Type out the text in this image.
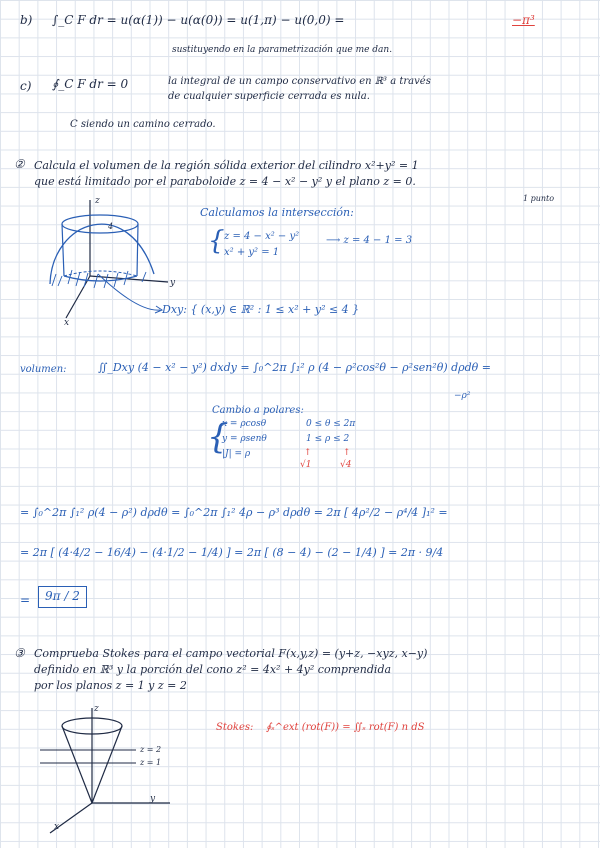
b) ∫_C F dr = u(α(1)) − u(α(0)) = u(1,π) − u(0,0) =	−π³
sustituyendo en la parametrización que me dan.
c) ∮_C F dr = 0	la integral de un campo conservativo en ℝ³ a través
de cualquier superficie cerrada es nula.
C siendo un camino cerrado.
② Calcula el volumen de la región sólida exterior del cilindro x²+y² = 1
que está limitado por el paraboloide z = 4 − x² − y² y el plano z = 0.
1 punto
z
y
x
4
Calculamos la intersección:
{ z = 4 − x² − y²
x² + y² = 1
⟶ z = 4 − 1 = 3
Dxy: { (x,y) ∈ ℝ² : 1 ≤ x² + y² ≤ 4 }
volumen:	∬_Dxy (4 − x² − y²) dxdy = ∫₀^2π ∫₁² ρ (4 − ρ²cos²θ − ρ²sen²θ) dρdθ =
−ρ²
Cambio a polares:
{
x = ρcosθ
y = ρsenθ
|J| = ρ
0 ≤ θ ≤ 2π
1 ≤ ρ ≤ 2
↑	↑
√1	√4
= ∫₀^2π ∫₁² ρ(4 − ρ²) dρdθ = ∫₀^2π ∫₁² 4ρ − ρ³ dρdθ = 2π [ 4ρ²/2 − ρ⁴/4 ]₁² =
= 2π [ (4·4/2 − 16/4) − (4·1/2 − 1/4) ] = 2π [ (8 − 4) − (2 − 1/4) ] = 2π · 9/4
=	9π / 2
③ Comprueba Stokes para el campo vectorial F(x,y,z) = (y+z, −xyz, x−y)
definido en ℝ³ y la porción del cono z² = 4x² + 4y² comprendida
por los planos z = 1 y z = 2
z
y
x
z = 2
z = 1
Stokes: ∮ₛ^ext (rot(F)) = ∬ₛ rot(F) n dS
